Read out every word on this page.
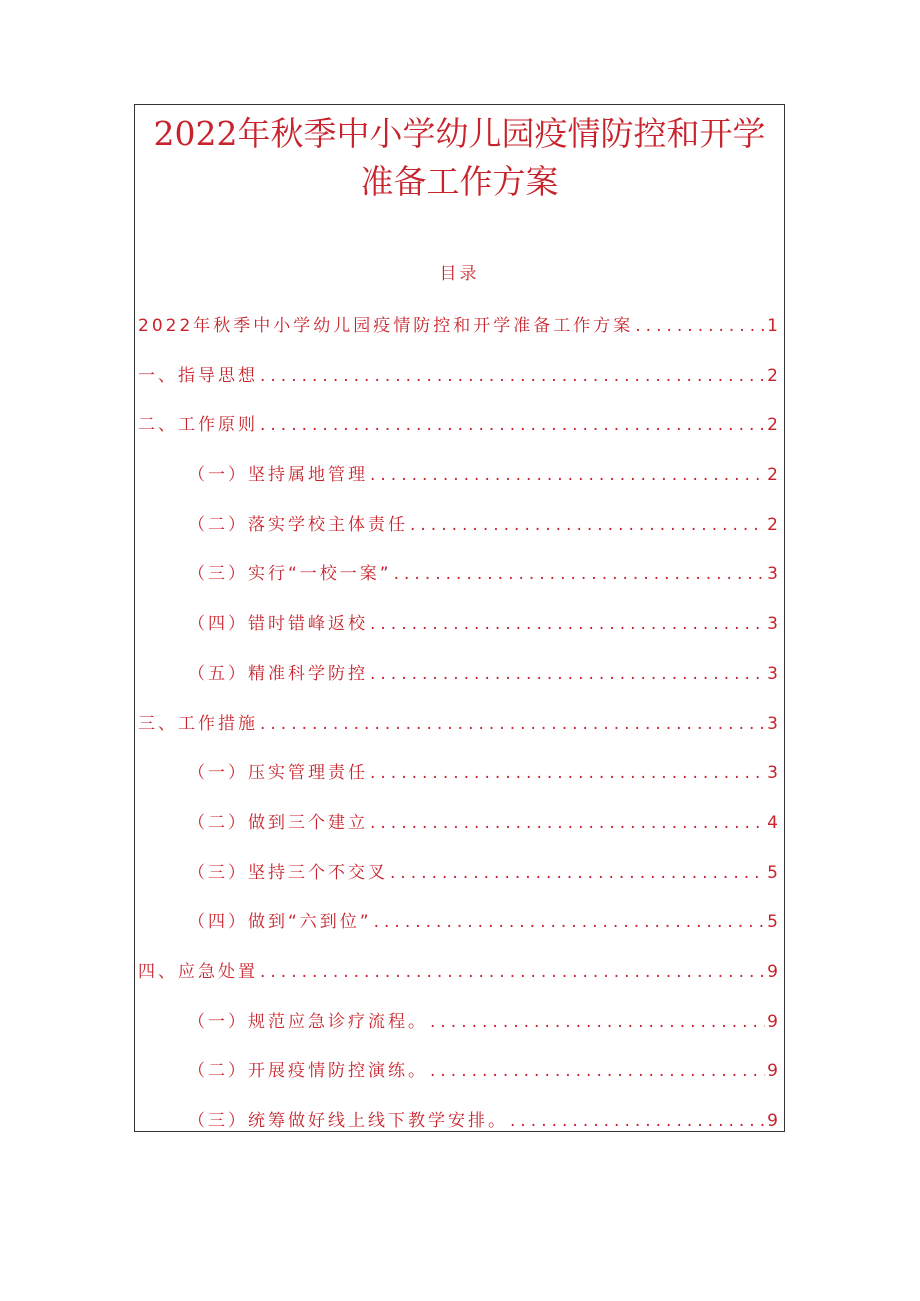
2022年秋季中小学幼儿园疫情防控和开学
准备工作方案
目录
2022年秋季中小学幼儿园疫情防控和开学准备工作方案 .....	1
一、指导思想 .....	2
二、工作原则 .....	2
（一）坚持属地管理 .....	2
（二）落实学校主体责任 .....	2
（三）实行“一校一案” .....	3
（四）错时错峰返校 .....	3
（五）精准科学防控 .....	3
三、工作措施 .....	3
（一）压实管理责任 .....	3
（二）做到三个建立 .....	4
（三）坚持三个不交叉 .....	5
（四）做到“六到位” .....	5
四、应急处置 .....	9
（一）规范应急诊疗流程。 .....	9
（二）开展疫情防控演练。 .....	9
（三）统筹做好线上线下教学安排。 .....	9
